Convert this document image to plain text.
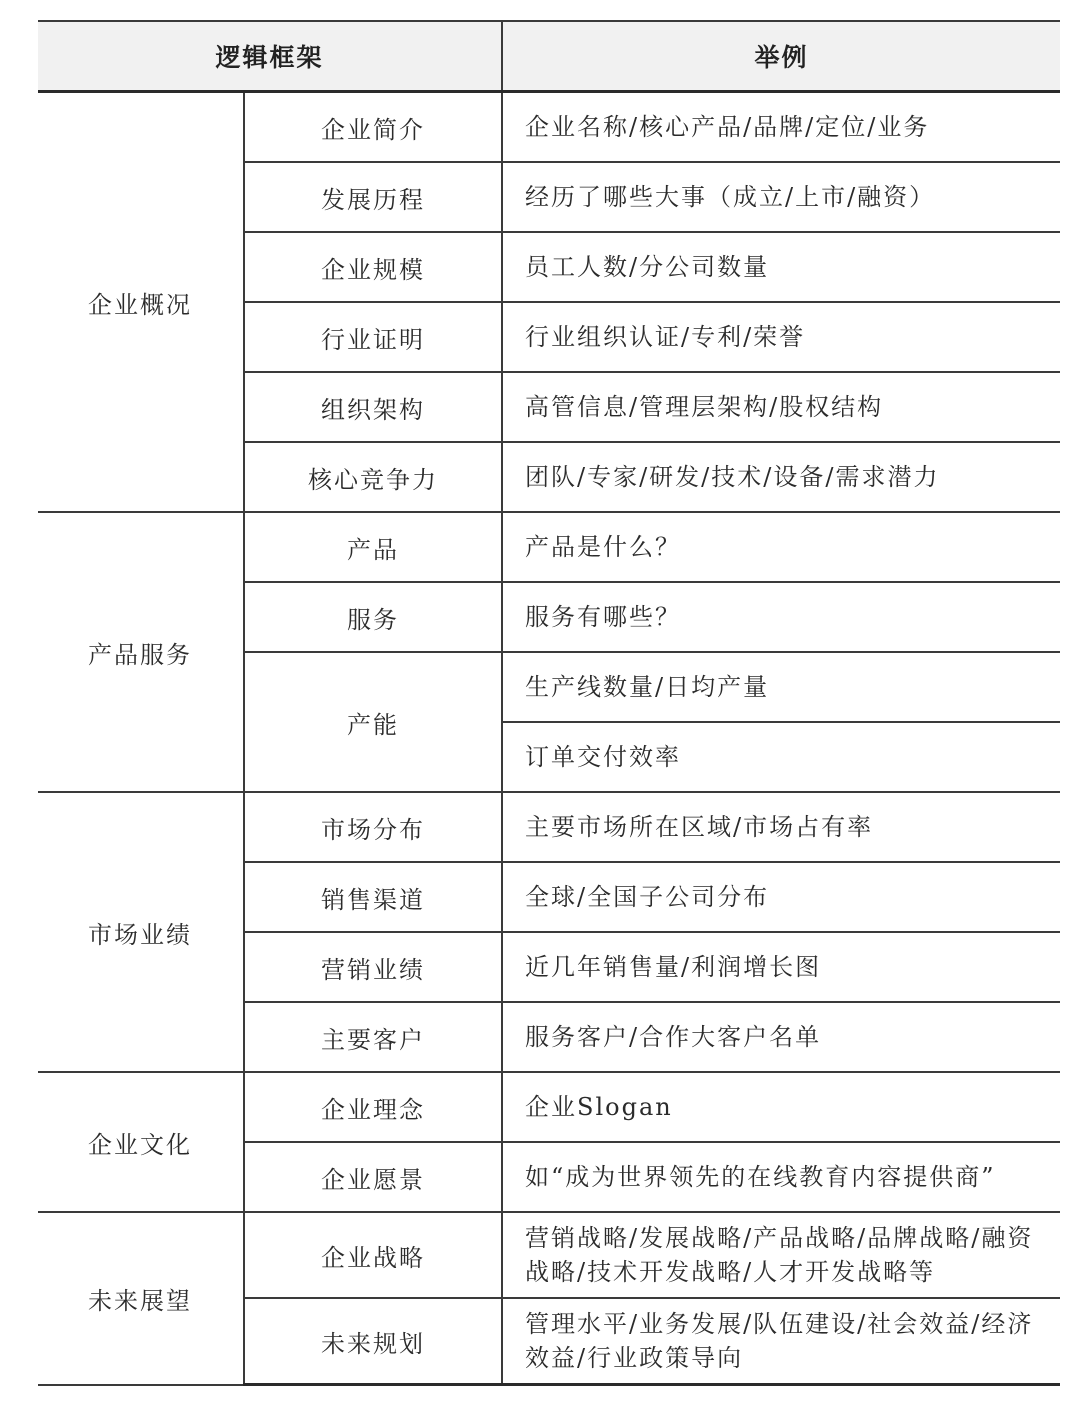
逻辑框架		举例
企业概况	企业简介	企业名称/核心产品/品牌/定位/业务
	发展历程	经历了哪些大事（成立/上市/融资）
	企业规模	员工人数/分公司数量
	行业证明	行业组织认证/专利/荣誉
	组织架构	高管信息/管理层架构/股权结构
	核心竞争力	团队/专家/研发/技术/设备/需求潜力
产品服务	产品	产品是什么？
	服务	服务有哪些？
	产能	生产线数量/日均产量
		订单交付效率
市场业绩	市场分布	主要市场所在区域/市场占有率
	销售渠道	全球/全国子公司分布
	营销业绩	近几年销售量/利润增长图
	主要客户	服务客户/合作大客户名单
企业文化	企业理念	企业Slogan
	企业愿景	如“成为世界领先的在线教育内容提供商”
未来展望	企业战略	营销战略/发展战略/产品战略/品牌战略/融资战略/技术开发战略/人才开发战略等
	未来规划	管理水平/业务发展/队伍建设/社会效益/经济效益/行业政策导向
